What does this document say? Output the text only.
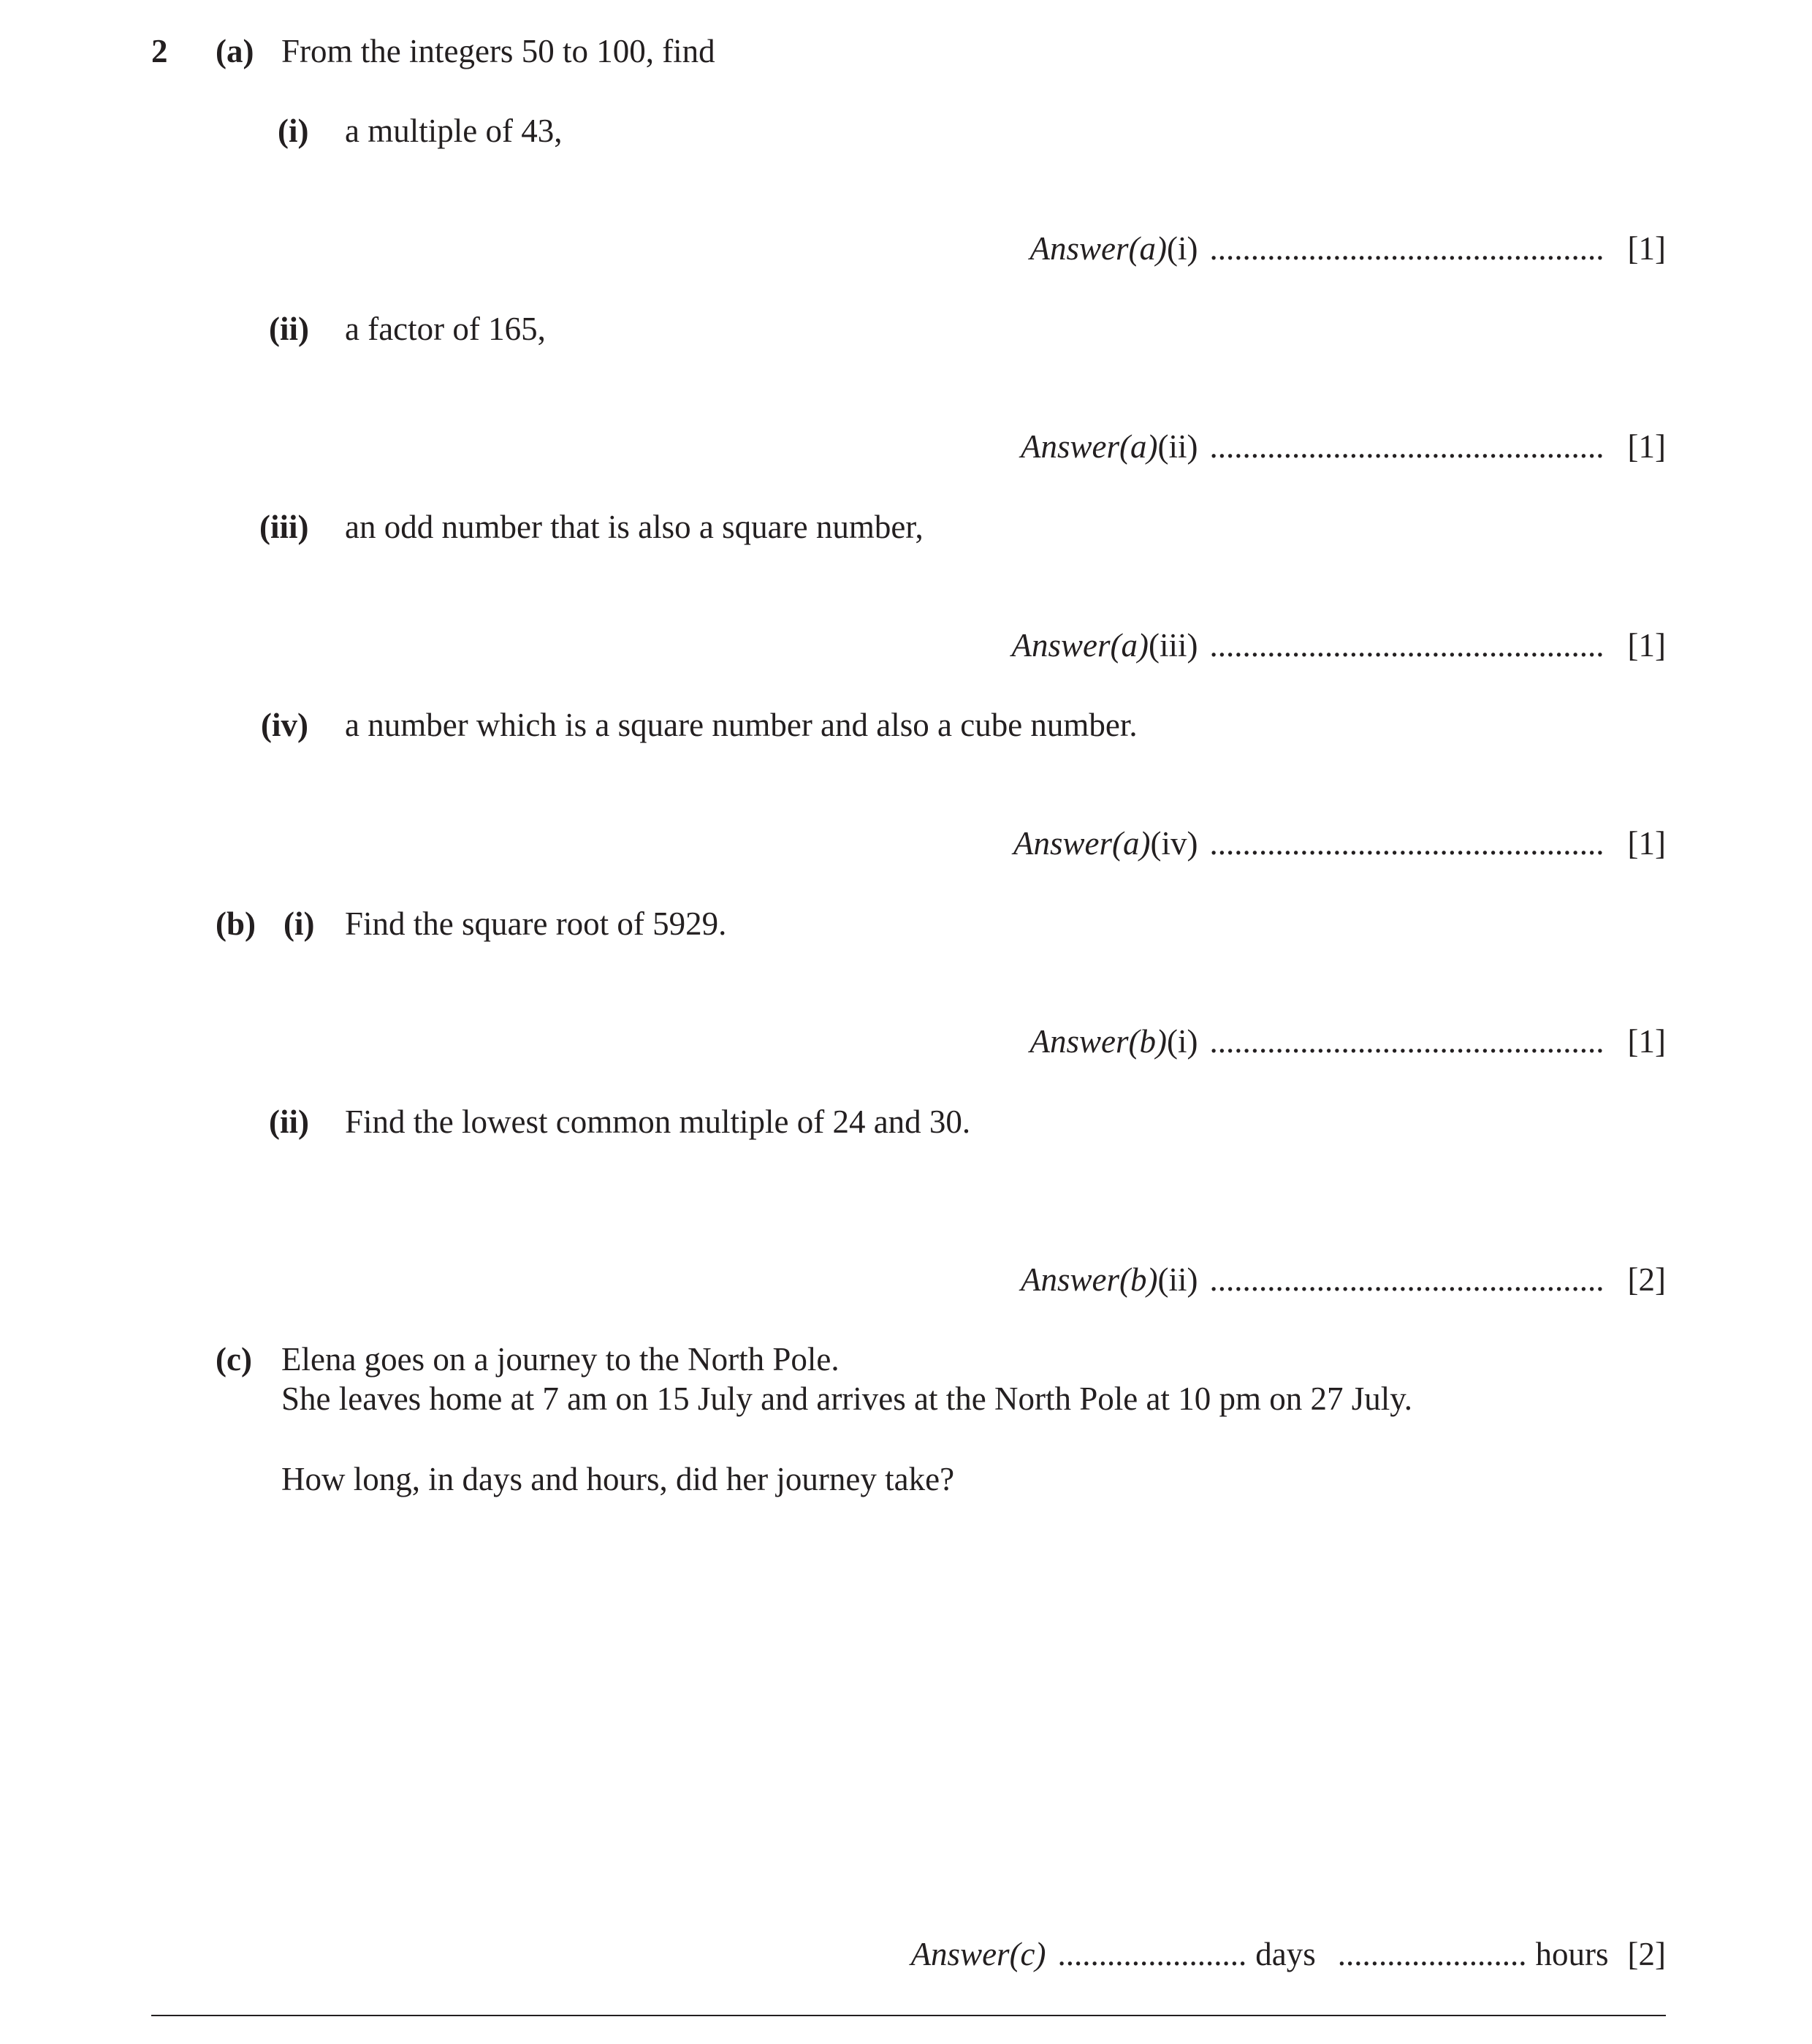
2 (a) From the integers 50 to 100, find
(i) a multiple of 43,
Answer(a) (i) ................................................ [1]
(ii) a factor of 165,
Answer(a) (ii) ................................................ [1]
(iii) an odd number that is also a square number,
Answer(a) (iii) ................................................ [1]
(iv) a number which is a square number and also a cube number.
Answer(a) (iv) ................................................ [1]
(b) (i) Find the square root of 5929.
Answer(b) (i) ................................................ [1]
(ii) Find the lowest common multiple of 24 and 30.
Answer(b) (ii) ................................................ [2]
(c) Elena goes on a journey to the North Pole.
She leaves home at 7 am on 15 July and arrives at the North Pole at 10 pm on 27 July.
How long, in days and hours, did her journey take?
Answer(c) ....................... days ....................... hours [2]
